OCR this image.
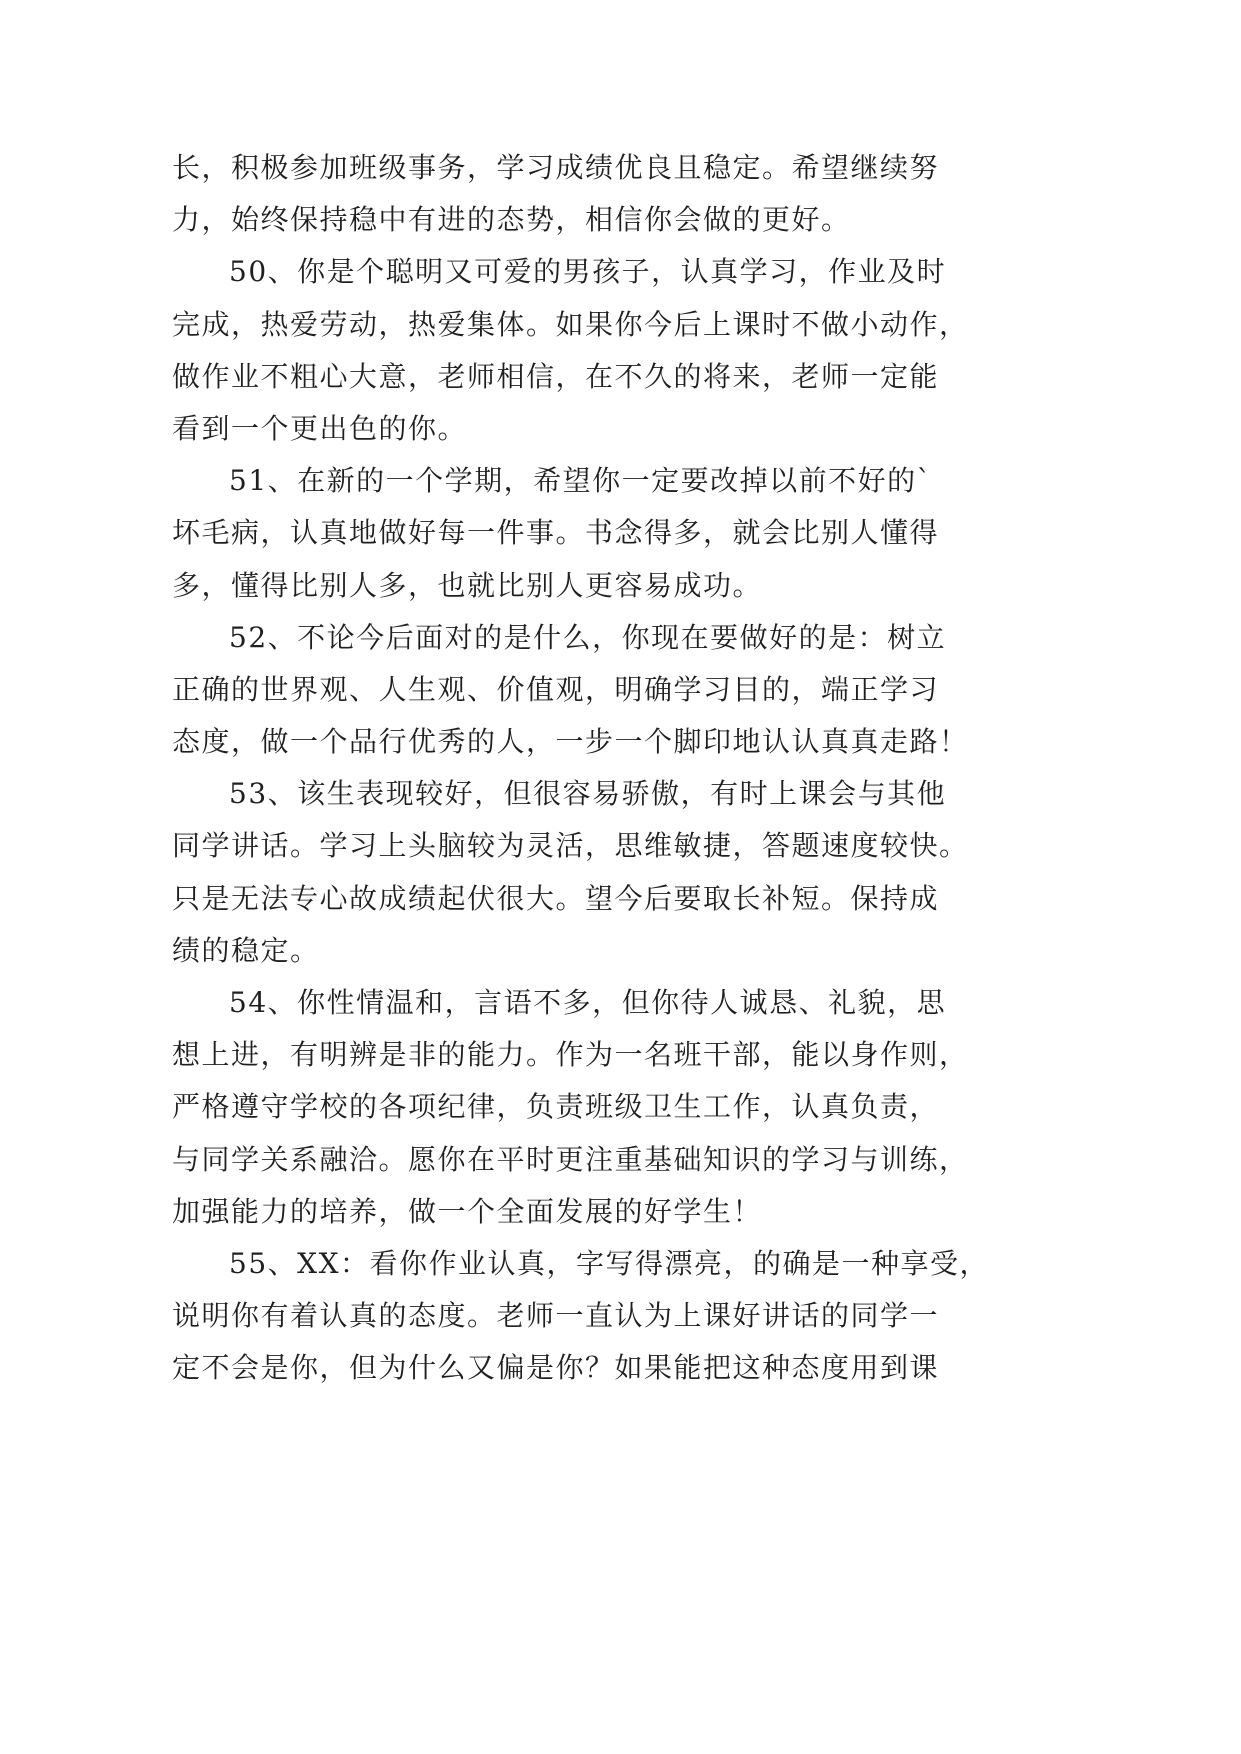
长，积极参加班级事务，学习成绩优良且稳定。希望继续努
力，始终保持稳中有进的态势，相信你会做的更好。
50、你是个聪明又可爱的男孩子，认真学习，作业及时
完成，热爱劳动，热爱集体。如果你今后上课时不做小动作，
做作业不粗心大意，老师相信，在不久的将来，老师一定能
看到一个更出色的你。
51、在新的一个学期，希望你一定要改掉以前不好的`
坏毛病，认真地做好每一件事。书念得多，就会比别人懂得
多，懂得比别人多，也就比别人更容易成功。
52、不论今后面对的是什么，你现在要做好的是：树立
正确的世界观、人生观、价值观，明确学习目的，端正学习
态度，做一个品行优秀的人，一步一个脚印地认认真真走路！
53、该生表现较好，但很容易骄傲，有时上课会与其他
同学讲话。学习上头脑较为灵活，思维敏捷，答题速度较快。
只是无法专心故成绩起伏很大。望今后要取长补短。保持成
绩的稳定。
54、你性情温和，言语不多，但你待人诚恳、礼貌，思
想上进，有明辨是非的能力。作为一名班干部，能以身作则，
严格遵守学校的各项纪律，负责班级卫生工作，认真负责，
与同学关系融洽。愿你在平时更注重基础知识的学习与训练，
加强能力的培养，做一个全面发展的好学生！
55、XX：看你作业认真，字写得漂亮，的确是一种享受，
说明你有着认真的态度。老师一直认为上课好讲话的同学一
定不会是你，但为什么又偏是你？如果能把这种态度用到课
